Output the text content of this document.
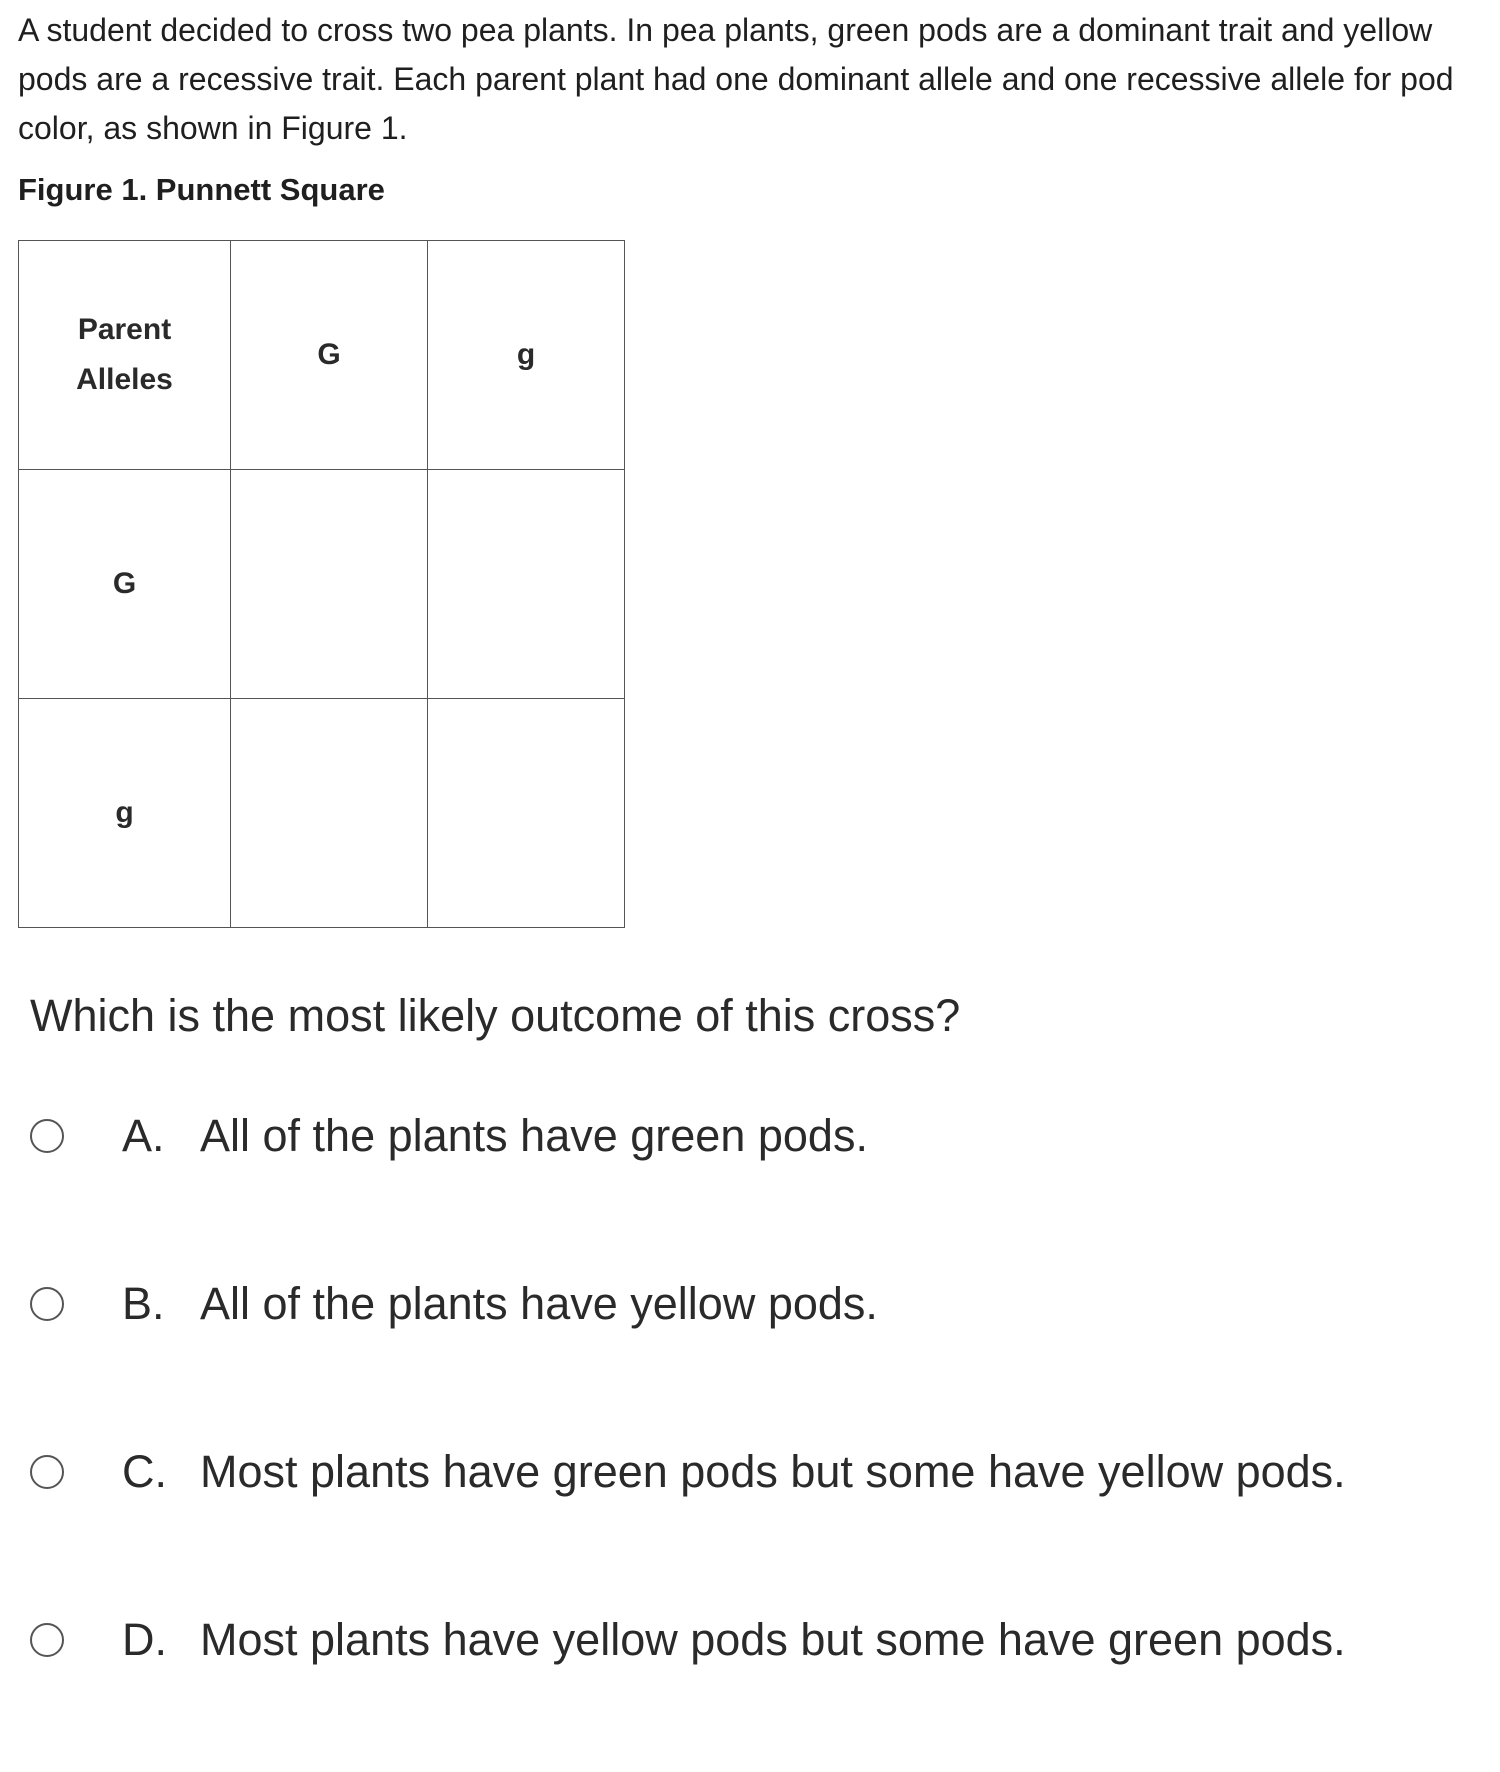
A student decided to cross two pea plants. In pea plants, green pods are a dominant trait and yellow pods are a recessive trait. Each parent plant had one dominant allele and one recessive allele for pod color, as shown in Figure 1.

Figure 1. Punnett Square

Parent
Alleles	G	g
G		
g		

Which is the most likely outcome of this cross?

A. All of the plants have green pods.
B. All of the plants have yellow pods.
C. Most plants have green pods but some have yellow pods.
D. Most plants have yellow pods but some have green pods.
